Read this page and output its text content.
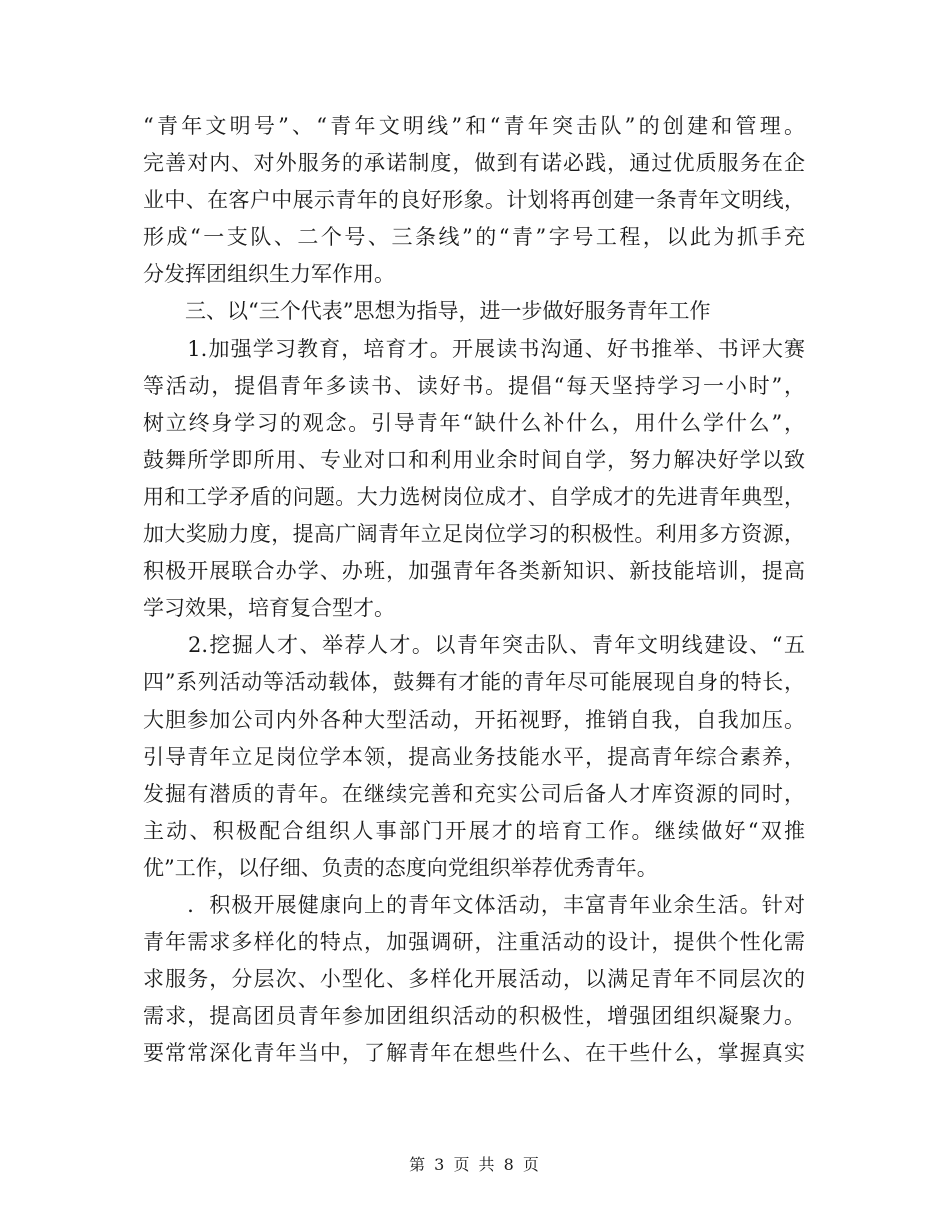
“青年文明号”、“青年文明线”和“青年突击队”的创建和管理。
完善对内、对外服务的承诺制度，做到有诺必践，通过优质服务在企
业中、在客户中展示青年的良好形象。计划将再创建一条青年文明线，
形成“一支队、二个号、三条线”的“青”字号工程，以此为抓手充
分发挥团组织生力军作用。
　　三、以“三个代表”思想为指导，进一步做好服务青年工作
　　1.加强学习教育，培育才。开展读书沟通、好书推举、书评大赛
等活动，提倡青年多读书、读好书。提倡“每天坚持学习一小时”，
树立终身学习的观念。引导青年“缺什么补什么，用什么学什么”，
鼓舞所学即所用、专业对口和利用业余时间自学，努力解决好学以致
用和工学矛盾的问题。大力选树岗位成才、自学成才的先进青年典型，
加大奖励力度，提高广阔青年立足岗位学习的积极性。利用多方资源，
积极开展联合办学、办班，加强青年各类新知识、新技能培训，提高
学习效果，培育复合型才。
　　2.挖掘人才、举荐人才。以青年突击队、青年文明线建设、“五
四”系列活动等活动载体，鼓舞有才能的青年尽可能展现自身的特长，
大胆参加公司内外各种大型活动，开拓视野，推销自我，自我加压。
引导青年立足岗位学本领，提高业务技能水平，提高青年综合素养，
发掘有潜质的青年。在继续完善和充实公司后备人才库资源的同时，
主动、积极配合组织人事部门开展才的培育工作。继续做好“双推
优”工作，以仔细、负责的态度向党组织举荐优秀青年。
　　．积极开展健康向上的青年文体活动，丰富青年业余生活。针对
青年需求多样化的特点，加强调研，注重活动的设计，提供个性化需
求服务，分层次、小型化、多样化开展活动，以满足青年不同层次的
需求，提高团员青年参加团组织活动的积极性，增强团组织凝聚力。
要常常深化青年当中，了解青年在想些什么、在干些什么，掌握真实
第 3 页 共 8 页
